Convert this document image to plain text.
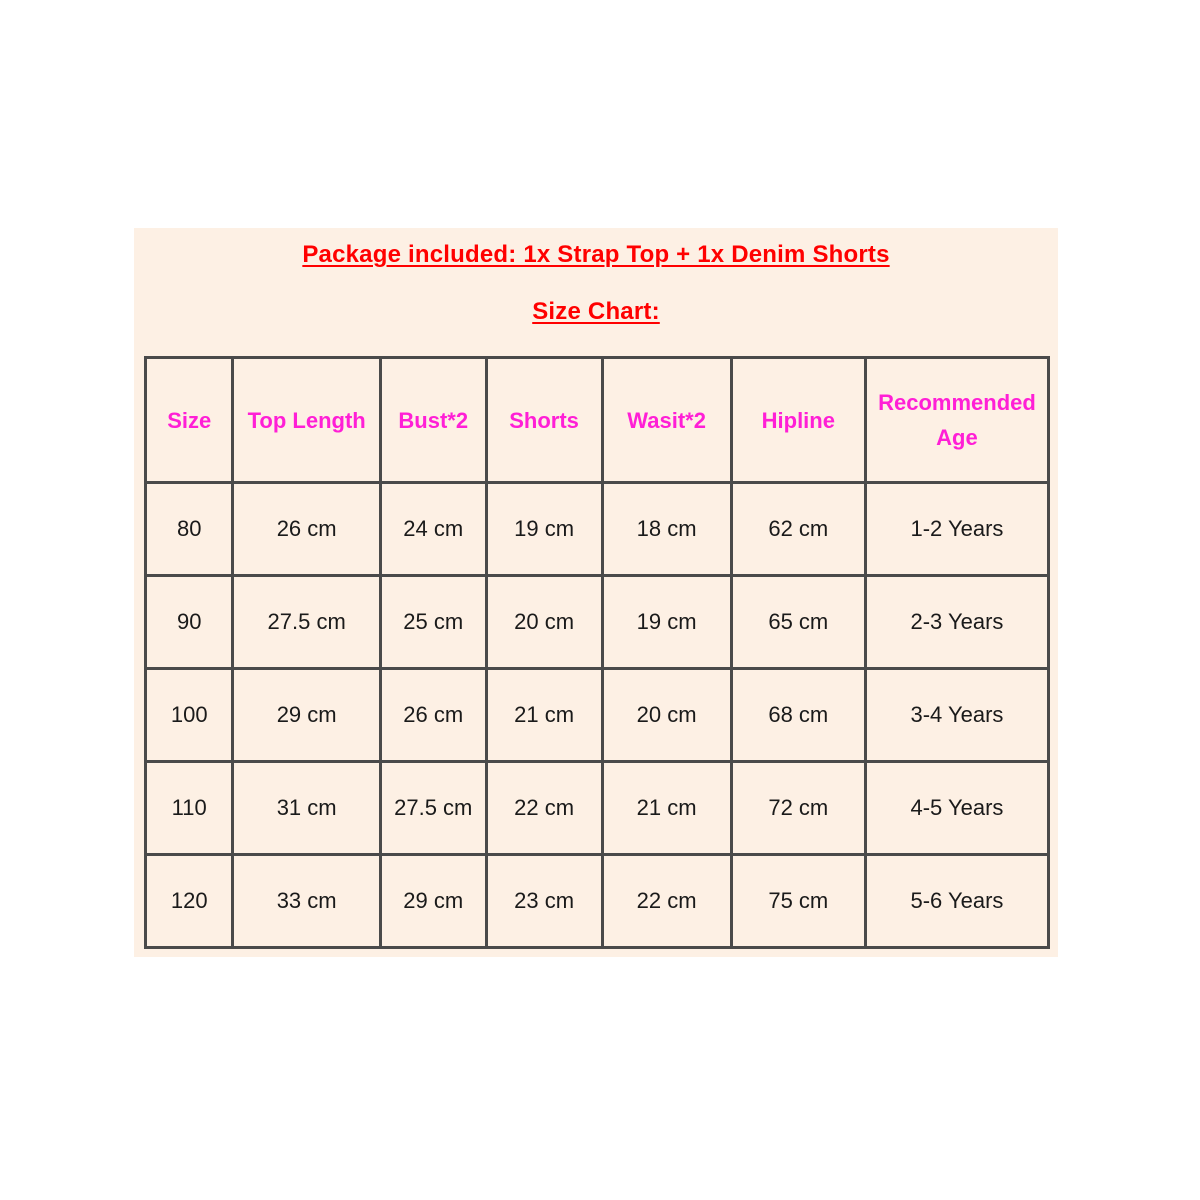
Package included: 1x Strap Top + 1x Denim Shorts
Size Chart:
Size	Top Length	Bust*2	Shorts	Wasit*2	Hipline	Recommended Age
80	26 cm	24 cm	19 cm	18 cm	62 cm	1-2 Years
90	27.5 cm	25 cm	20 cm	19 cm	65 cm	2-3 Years
100	29 cm	26 cm	21 cm	20 cm	68 cm	3-4 Years
110	31 cm	27.5 cm	22 cm	21 cm	72 cm	4-5 Years
120	33 cm	29 cm	23 cm	22 cm	75 cm	5-6 Years
